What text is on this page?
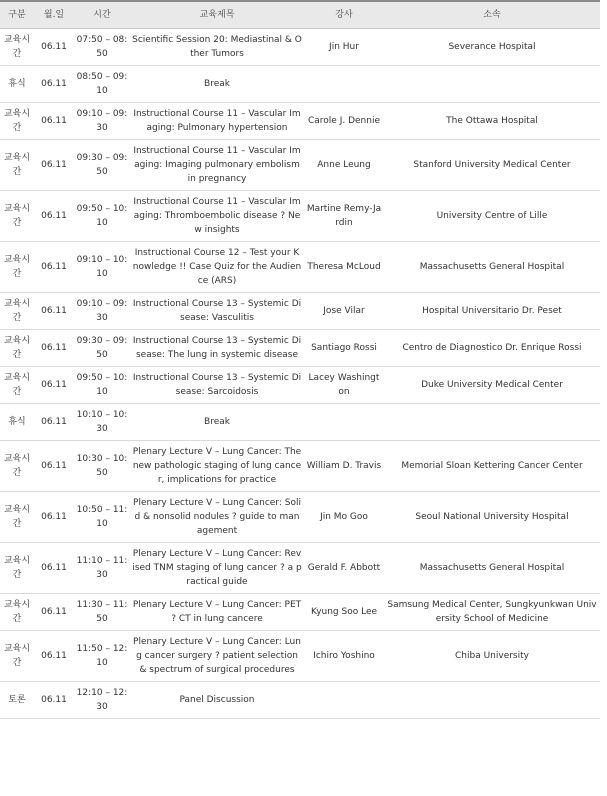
구분	월.일	시간	교육제목	강사	소속
교육시간	06.11	07:50 – 08:50	Scientific Session 20: Mediastinal & Other Tumors	Jin Hur	Severance Hospital
휴식	06.11	08:50 – 09:10	Break		
교육시간	06.11	09:10 – 09:30	Instructional Course 11 – Vascular Imaging: Pulmonary hypertension	Carole J. Dennie	The Ottawa Hospital
교육시간	06.11	09:30 – 09:50	Instructional Course 11 – Vascular Imaging: Imaging pulmonary embolism in pregnancy	Anne Leung	Stanford University Medical Center
교육시간	06.11	09:50 – 10:10	Instructional Course 11 – Vascular Imaging: Thromboembolic disease ? New insights	Martine Remy-Jardin	University Centre of Lille
교육시간	06.11	09:10 – 10:10	Instructional Course 12 – Test your Knowledge !! Case Quiz for the Audience (ARS)	Theresa McLoud	Massachusetts General Hospital
교육시간	06.11	09:10 – 09:30	Instructional Course 13 – Systemic Disease: Vasculitis	Jose Vilar	Hospital Universitario Dr. Peset
교육시간	06.11	09:30 – 09:50	Instructional Course 13 – Systemic Disease: The lung in systemic disease	Santiago Rossi	Centro de Diagnostico Dr. Enrique Rossi
교육시간	06.11	09:50 – 10:10	Instructional Course 13 – Systemic Disease: Sarcoidosis	Lacey Washington	Duke University Medical Center
휴식	06.11	10:10 – 10:30	Break		
교육시간	06.11	10:30 – 10:50	Plenary Lecture V – Lung Cancer: The new pathologic staging of lung cancer, implications for practice	William D. Travis	Memorial Sloan Kettering Cancer Center
교육시간	06.11	10:50 – 11:10	Plenary Lecture V – Lung Cancer: Solid & nonsolid nodules ? guide to management	Jin Mo Goo	Seoul National University Hospital
교육시간	06.11	11:10 – 11:30	Plenary Lecture V – Lung Cancer: Revised TNM staging of lung cancer ? a practical guide	Gerald F. Abbott	Massachusetts General Hospital
교육시간	06.11	11:30 – 11:50	Plenary Lecture V – Lung Cancer: PET ? CT in lung cancere	Kyung Soo Lee	Samsung Medical Center, Sungkyunkwan University School of Medicine
교육시간	06.11	11:50 – 12:10	Plenary Lecture V – Lung Cancer: Lung cancer surgery ? patient selection & spectrum of surgical procedures	Ichiro Yoshino	Chiba University
토론	06.11	12:10 – 12:30	Panel Discussion		
